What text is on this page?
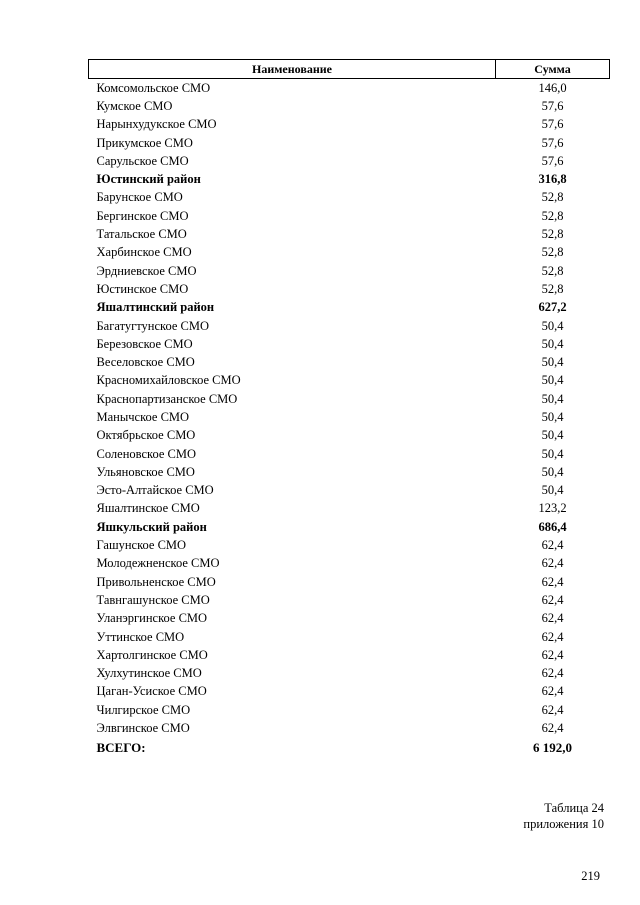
Наименование	Сумма
Комсомольское СМО	146,0
Кумское СМО	57,6
Нарынхудукское СМО	57,6
Прикумское СМО	57,6
Сарульское СМО	57,6
Юстинский район	316,8
Барунское СМО	52,8
Бергинское СМО	52,8
Татальское СМО	52,8
Харбинское СМО	52,8
Эрдниевское СМО	52,8
Юстинское СМО	52,8
Яшалтинский район	627,2
Багатугтунское СМО	50,4
Березовское СМО	50,4
Веселовское СМО	50,4
Красномихайловское СМО	50,4
Краснопартизанское СМО	50,4
Манычское СМО	50,4
Октябрьское СМО	50,4
Соленовское СМО	50,4
Ульяновское СМО	50,4
Эсто-Алтайское СМО	50,4
Яшалтинское СМО	123,2
Яшкульский район	686,4
Гашунское СМО	62,4
Молодежненское СМО	62,4
Привольненское СМО	62,4
Тавнгашунское СМО	62,4
Уланэргинское СМО	62,4
Уттинское СМО	62,4
Хартолгинское СМО	62,4
Хулхутинское СМО	62,4
Цаган-Усиское СМО	62,4
Чилгирское СМО	62,4
Элвгинское СМО	62,4
ВСЕГО:	6 192,0
Таблица 24
приложения 10
219
